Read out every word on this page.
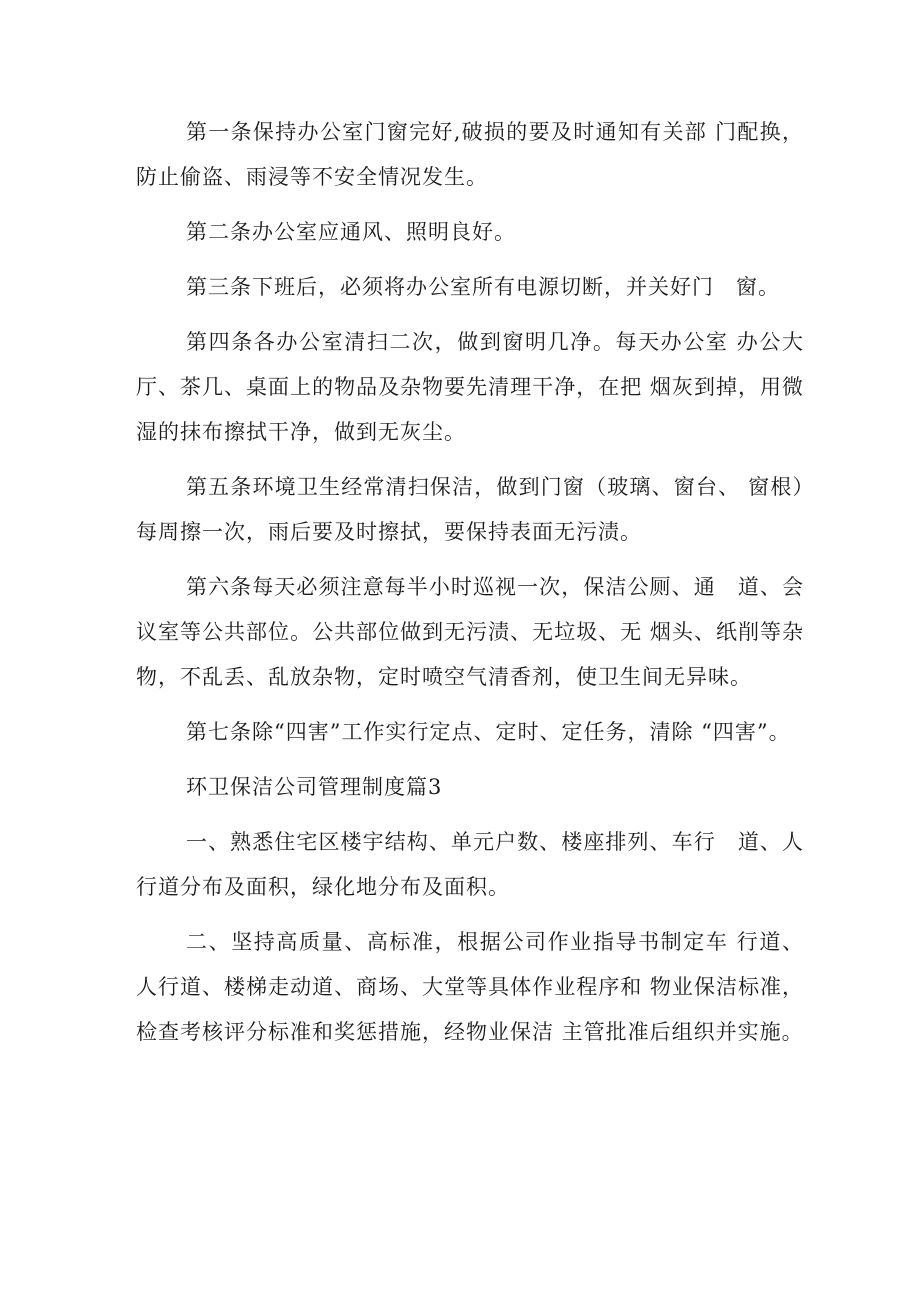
第一条保持办公室门窗完好,破损的要及时通知有关部 门配换，防止偷盗、雨浸等不安全情况发生。

第二条办公室应通风、照明良好。

第三条下班后，必须将办公室所有电源切断，并关好门　窗。

第四条各办公室清扫二次，做到窗明几净。每天办公室 办公大厅、茶几、桌面上的物品及杂物要先清理干净，在把 烟灰到掉，用微湿的抹布擦拭干净，做到无灰尘。

第五条环境卫生经常清扫保洁，做到门窗（玻璃、窗台、 窗根）每周擦一次，雨后要及时擦拭，要保持表面无污渍。

第六条每天必须注意每半小时巡视一次，保洁公厕、通　道、会议室等公共部位。公共部位做到无污渍、无垃圾、无 烟头、纸削等杂物，不乱丢、乱放杂物，定时喷空气清香剂，使卫生间无异味。

第七条除“四害”工作实行定点、定时、定任务，清除 “四害”。

环卫保洁公司管理制度篇3

一、熟悉住宅区楼宇结构、单元户数、楼座排列、车行　道、人行道分布及面积，绿化地分布及面积。

二、坚持高质量、高标准，根据公司作业指导书制定车 行道、人行道、楼梯走动道、商场、大堂等具体作业程序和 物业保洁标准，检查考核评分标准和奖惩措施，经物业保洁 主管批准后组织并实施。
